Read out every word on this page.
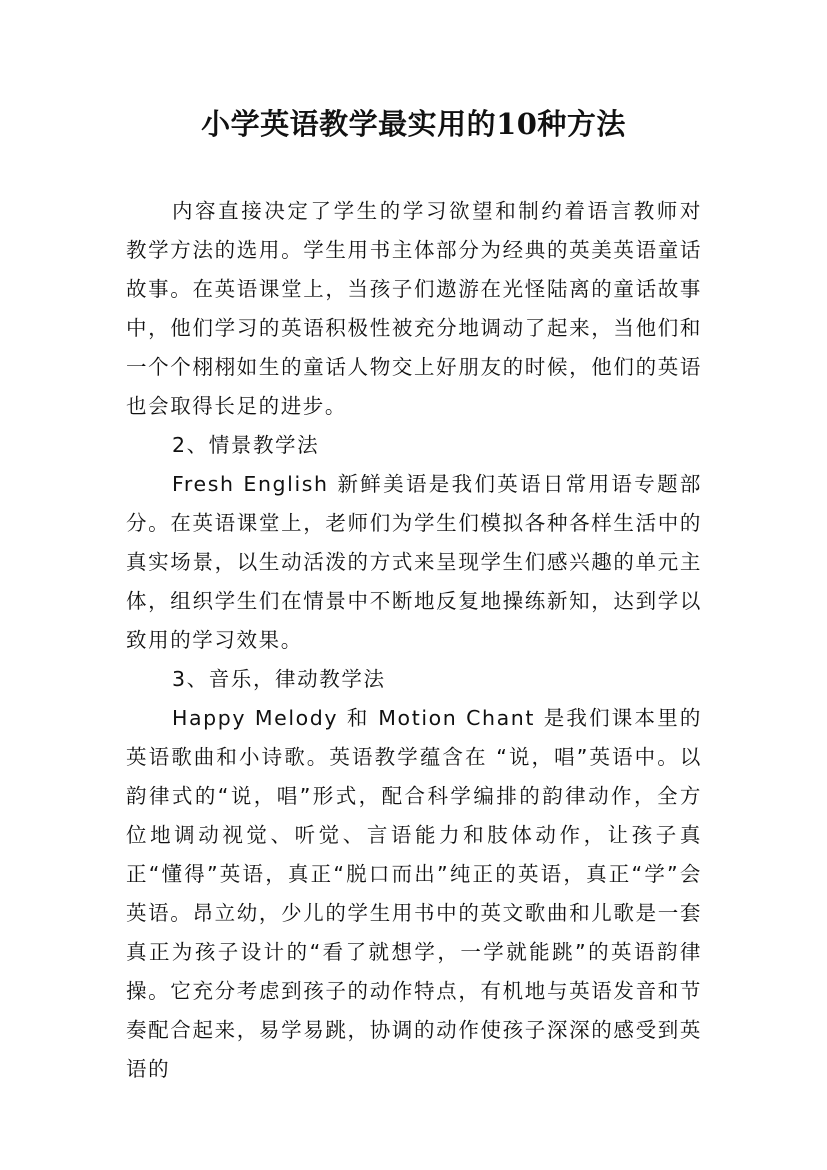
小学英语教学最实用的10种方法

内容直接决定了学生的学习欲望和制约着语言教师对教学方法的选用。学生用书主体部分为经典的英美英语童话故事。在英语课堂上，当孩子们遨游在光怪陆离的童话故事中，他们学习的英语积极性被充分地调动了起来，当他们和一个个栩栩如生的童话人物交上好朋友的时候，他们的英语也会取得长足的进步。

2、情景教学法

Fresh English 新鲜美语是我们英语日常用语专题部分。在英语课堂上，老师们为学生们模拟各种各样生活中的真实场景，以生动活泼的方式来呈现学生们感兴趣的单元主体，组织学生们在情景中不断地反复地操练新知，达到学以致用的学习效果。

3、音乐，律动教学法

Happy Melody 和 Motion Chant 是我们课本里的英语歌曲和小诗歌。英语教学蕴含在 “说，唱”英语中。以韵律式的“说，唱”形式，配合科学编排的韵律动作，全方位地调动视觉、听觉、言语能力和肢体动作，让孩子真正“懂得”英语，真正“脱口而出”纯正的英语，真正“学”会英语。昂立幼，少儿的学生用书中的英文歌曲和儿歌是一套真正为孩子设计的“看了就想学，一学就能跳”的英语韵律操。它充分考虑到孩子的动作特点，有机地与英语发音和节奏配合起来，易学易跳，协调的动作使孩子深深的感受到英语的
